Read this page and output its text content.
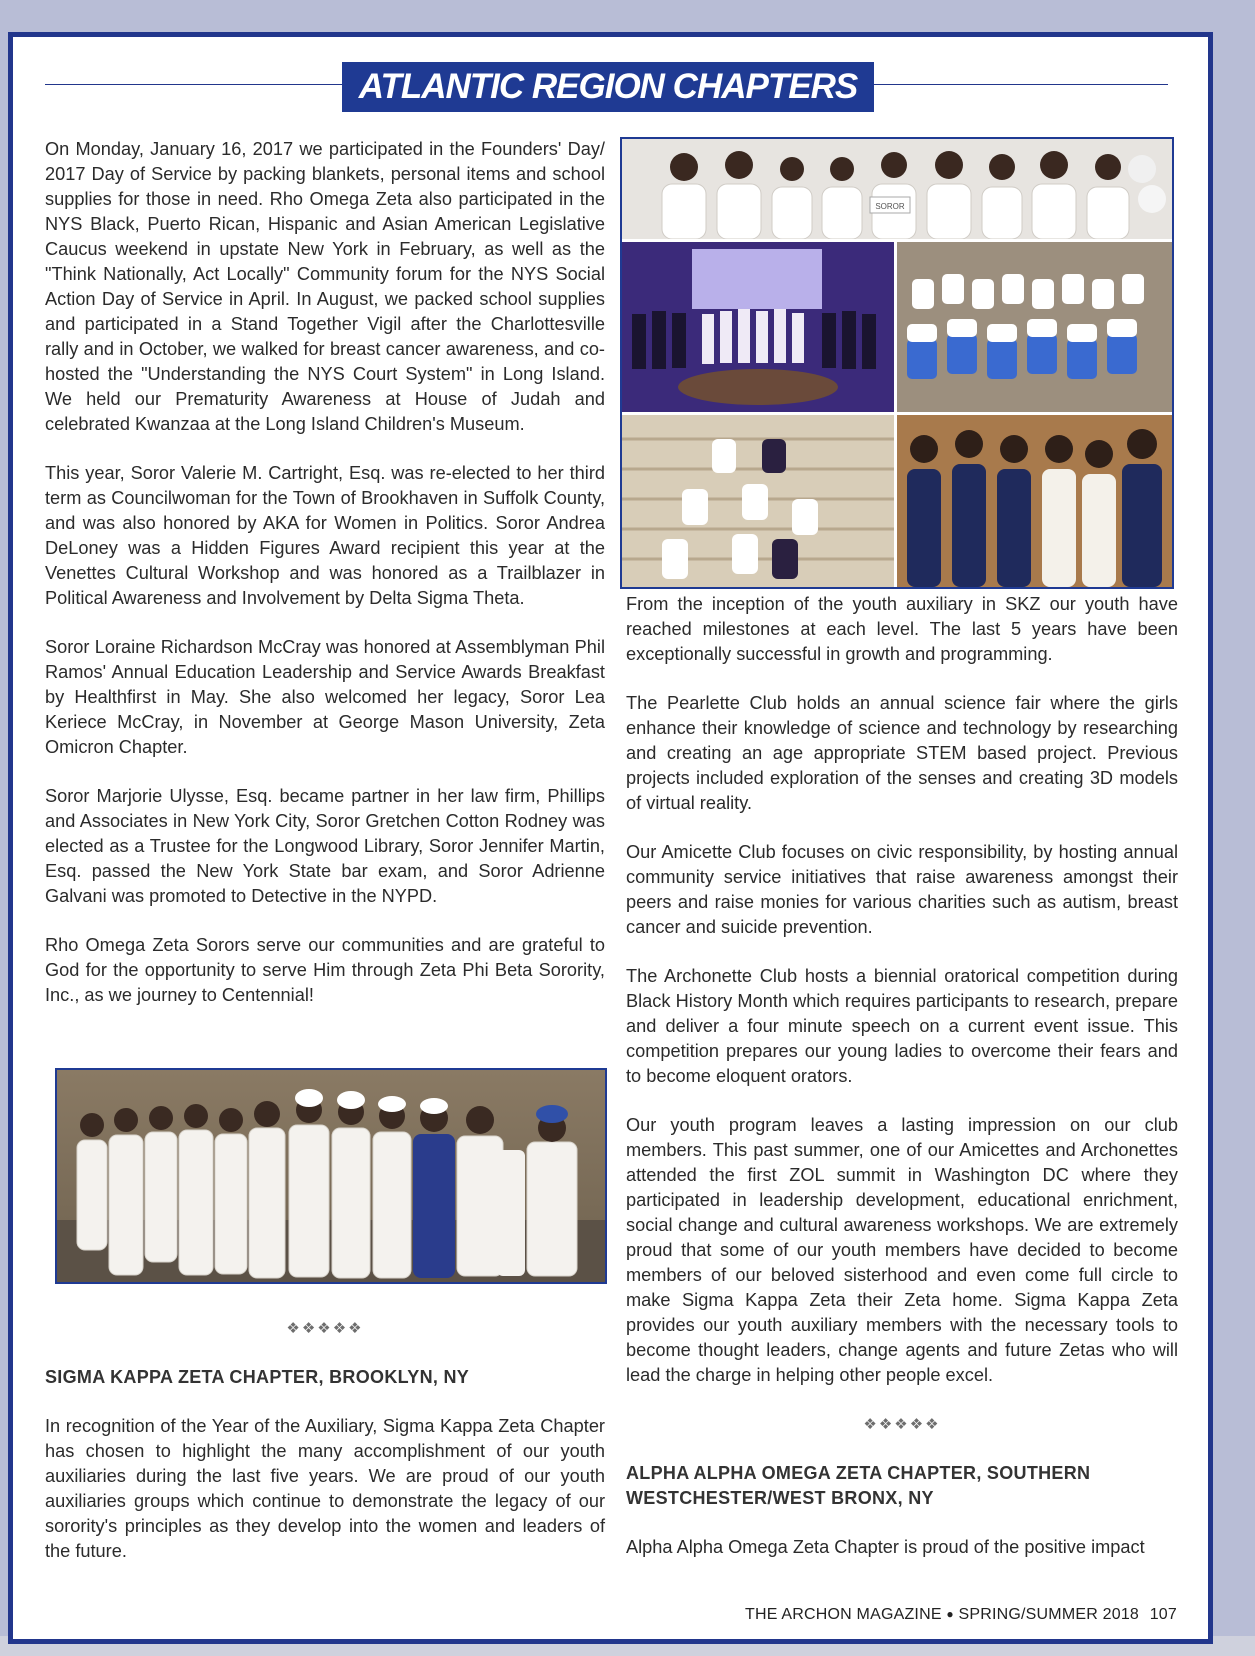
ATLANTIC REGION CHAPTERS

On Monday, January 16, 2017 we participated in the Founders' Day/ 2017 Day of Service by packing blankets, personal items and school supplies for those in need. Rho Omega Zeta also participated in the NYS Black, Puerto Rican, Hispanic and Asian American Legislative Caucus weekend in upstate New York in February, as well as the "Think Nationally, Act Locally" Community forum for the NYS Social Action Day of Service in April. In August, we packed school supplies and participated in a Stand Together Vigil after the Charlottesville rally and in October, we walked for breast cancer awareness, and co-hosted the "Understanding the NYS Court System" in Long Island. We held our Prematurity Awareness at House of Judah and celebrated Kwanzaa at the Long Island Children's Museum.

This year, Soror Valerie M. Cartright, Esq. was re-elected to her third term as Councilwoman for the Town of Brookhaven in Suffolk County, and was also honored by AKA for Women in Politics. Soror Andrea DeLoney was a Hidden Figures Award recipient this year at the Venettes Cultural Workshop and was honored as a Trailblazer in Political Awareness and Involvement by Delta Sigma Theta.

Soror Loraine Richardson McCray was honored at Assemblyman Phil Ramos' Annual Education Leadership and Service Awards Breakfast by Healthfirst in May. She also welcomed her legacy, Soror Lea Keriece McCray, in November at George Mason University, Zeta Omicron Chapter.

Soror Marjorie Ulysse, Esq. became partner in her law firm, Phillips and Associates in New York City, Soror Gretchen Cotton Rodney was elected as a Trustee for the Longwood Library, Soror Jennifer Martin, Esq. passed the New York State bar exam, and Soror Adrienne Galvani was promoted to Detective in the NYPD.

Rho Omega Zeta Sorors serve our communities and are grateful to God for the opportunity to serve Him through Zeta Phi Beta Sorority, Inc., as we journey to Centennial!

❖❖❖❖❖
SIGMA KAPPA ZETA CHAPTER, BROOKLYN, NY

In recognition of the Year of the Auxiliary, Sigma Kappa Zeta Chapter has chosen to highlight the many accomplishment of our youth auxiliaries during the last five years. We are proud of our youth auxiliaries groups which continue to demonstrate the legacy of our sorority's principles as they develop into the women and leaders of the future.

SOROR

From the inception of the youth auxiliary in SKZ our youth have reached milestones at each level. The last 5 years have been exceptionally successful in growth and programming.

The Pearlette Club holds an annual science fair where the girls enhance their knowledge of science and technology by researching and creating an age appropriate STEM based project. Previous projects included exploration of the senses and creating 3D models of virtual reality.

Our Amicette Club focuses on civic responsibility, by hosting annual community service initiatives that raise awareness amongst their peers and raise monies for various charities such as autism, breast cancer and suicide prevention.

The Archonette Club hosts a biennial oratorical competition during Black History Month which requires participants to research, prepare and deliver a four minute speech on a current event issue. This competition prepares our young ladies to overcome their fears and to become eloquent orators.

Our youth program leaves a lasting impression on our club members. This past summer, one of our Amicettes and Archonettes attended the first ZOL summit in Washington DC where they participated in leadership development, educational enrichment, social change and cultural awareness workshops. We are extremely proud that some of our youth members have decided to become members of our beloved sisterhood and even come full circle to make Sigma Kappa Zeta their Zeta home. Sigma Kappa Zeta provides our youth auxiliary members with the necessary tools to become thought leaders, change agents and future Zetas who will lead the charge in helping other people excel.

❖❖❖❖❖
ALPHA ALPHA OMEGA ZETA CHAPTER, SOUTHERN WESTCHESTER/WEST BRONX, NY

Alpha Alpha Omega Zeta Chapter is proud of the positive impact

THE ARCHON MAGAZINE ● SPRING/SUMMER 2018 107
